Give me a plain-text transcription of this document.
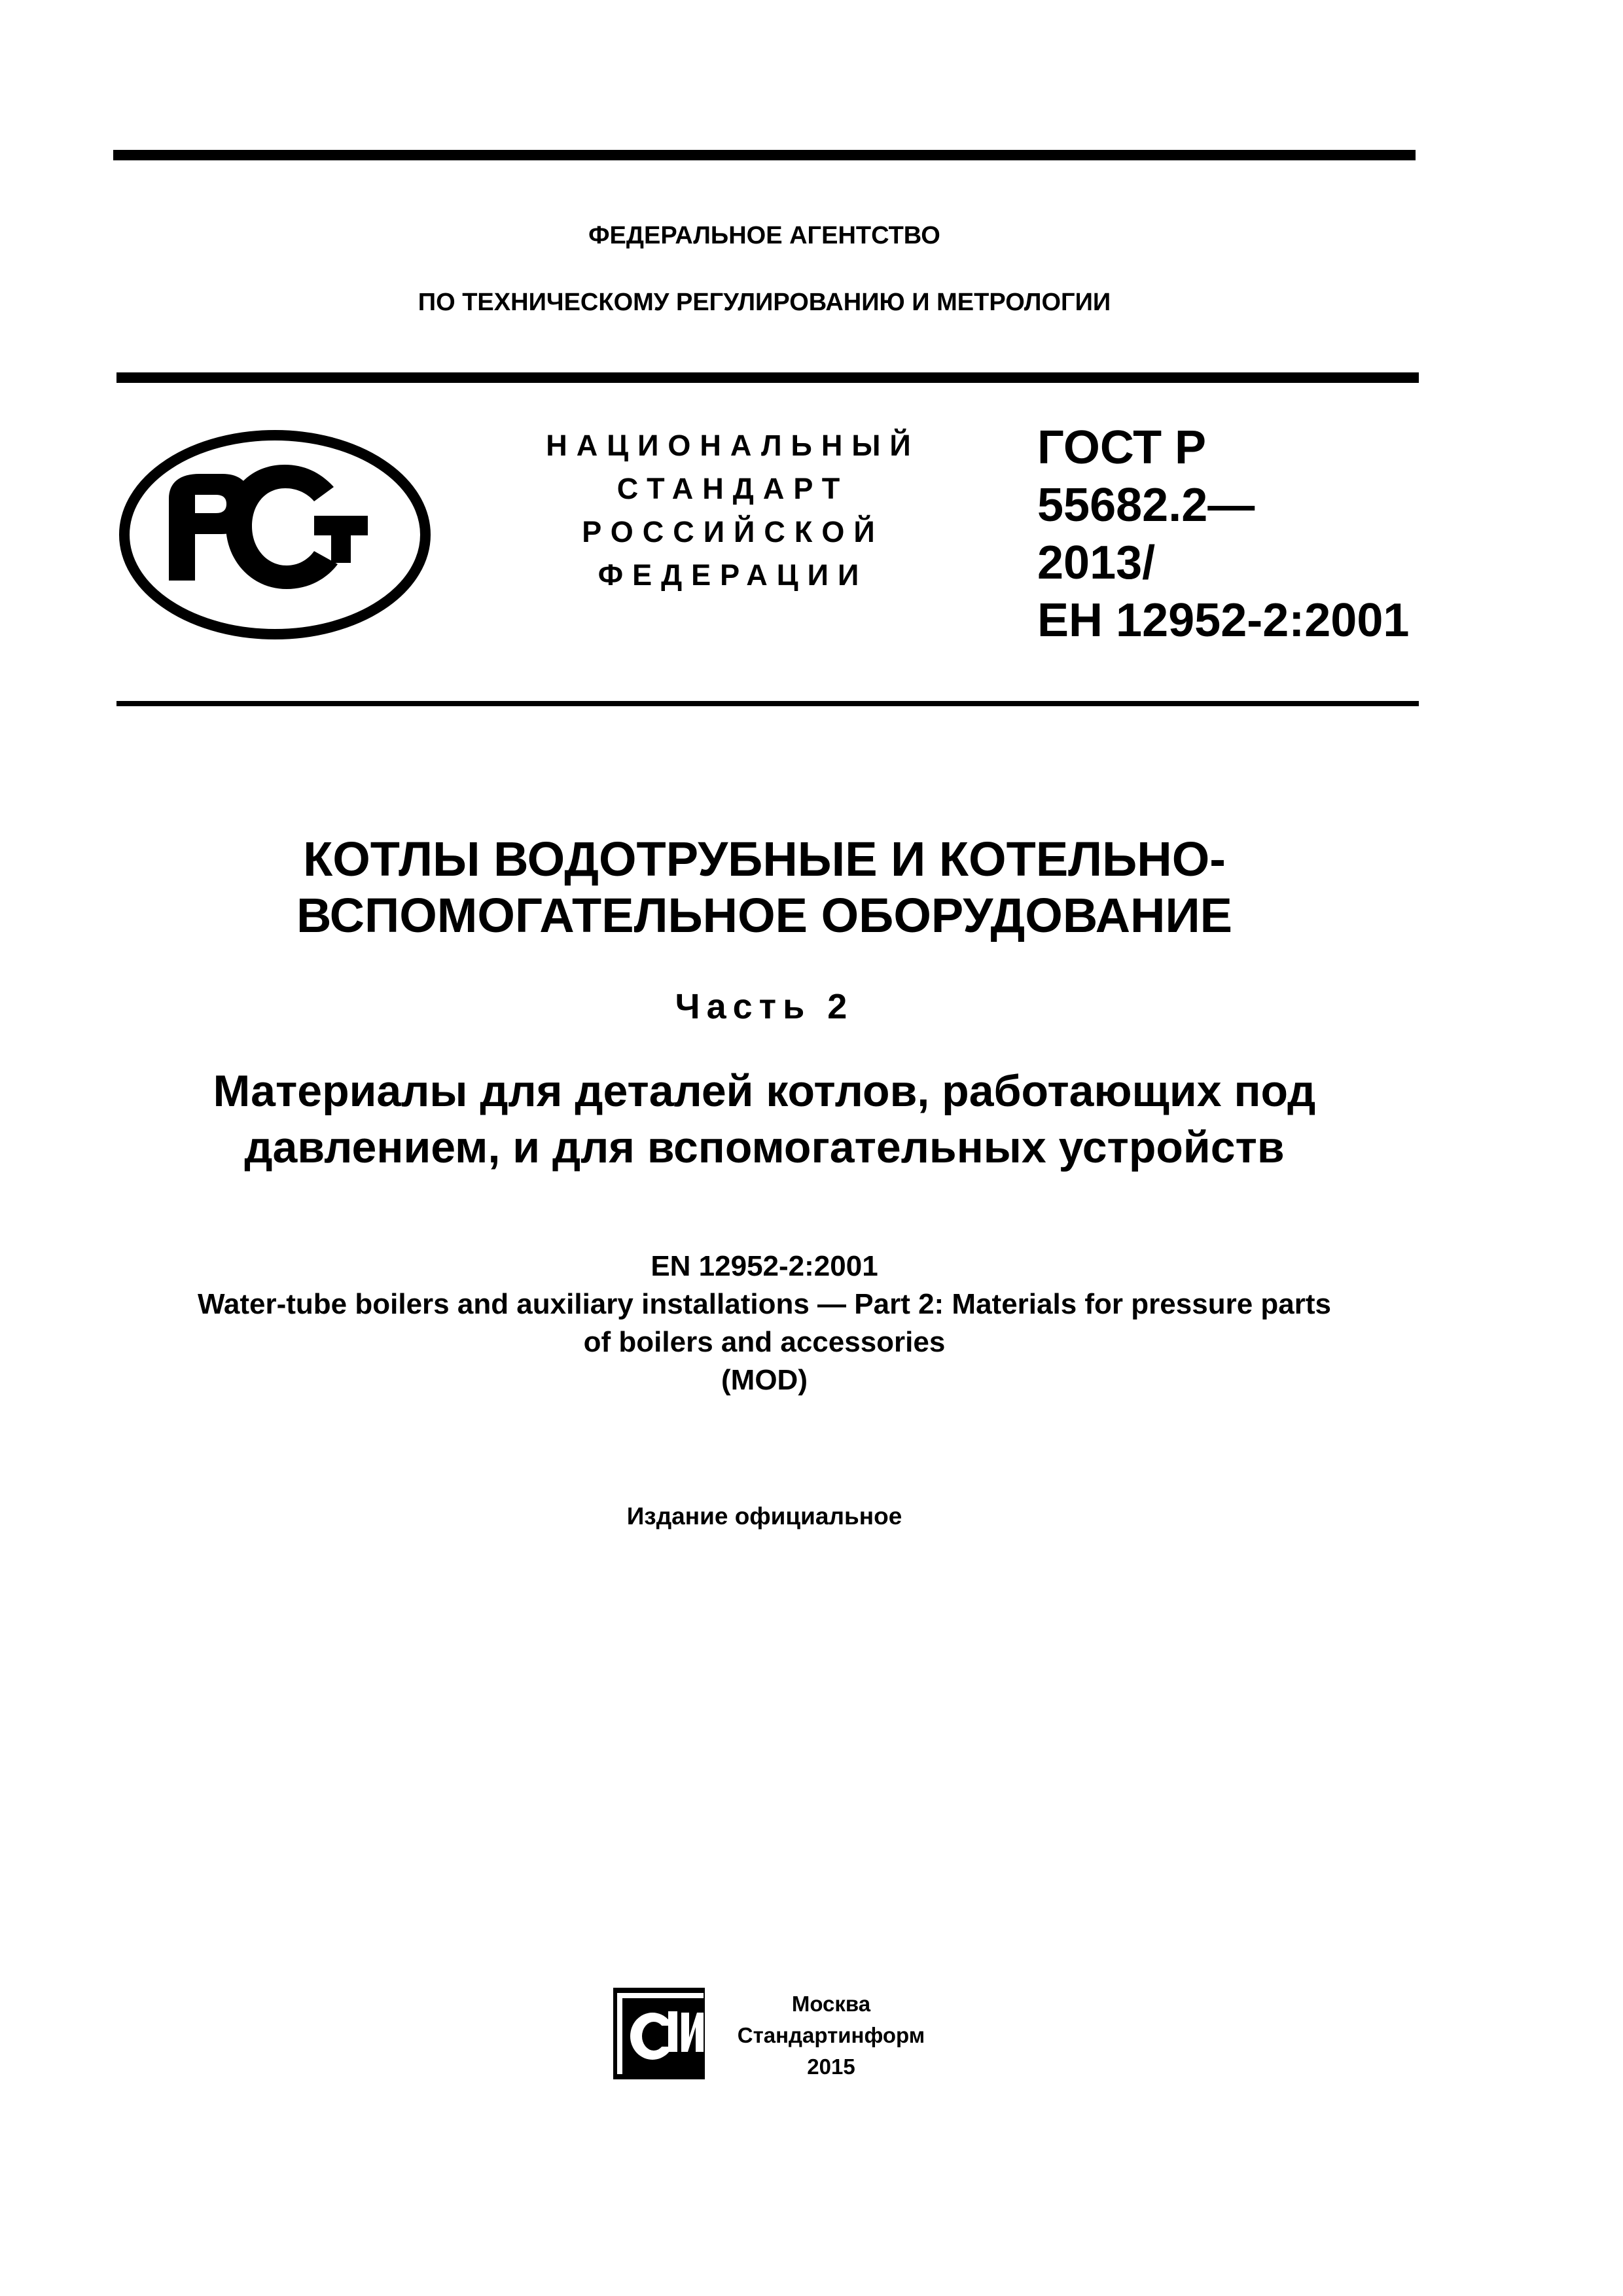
ФЕДЕРАЛЬНОЕ АГЕНТСТВО
ПО ТЕХНИЧЕСКОМУ РЕГУЛИРОВАНИЮ И МЕТРОЛОГИИ
НАЦИОНАЛЬНЫЙ
СТАНДАРТ
РОССИЙСКОЙ
ФЕДЕРАЦИИ
ГОСТ Р
55682.2—
2013/
ЕН 12952-2:2001
КОТЛЫ ВОДОТРУБНЫЕ И КОТЕЛЬНО-
ВСПОМОГАТЕЛЬНОЕ ОБОРУДОВАНИЕ
Часть 2
Материалы для деталей котлов, работающих под
давлением, и для вспомогательных устройств
EN 12952-2:2001
Water-tube boilers and auxiliary installations — Part 2: Materials for pressure parts
of boilers and accessories
(MOD)
Издание официальное
Москва
Стандартинформ
2015
